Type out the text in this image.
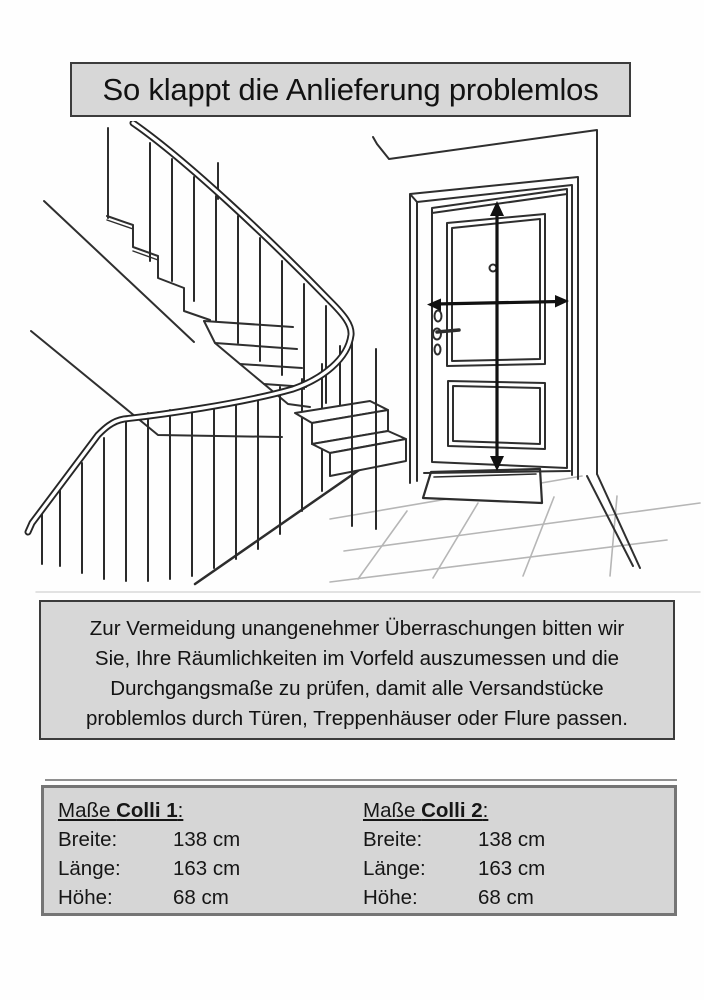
So klappt die Anlieferung problemlos
Zur Vermeidung unangenehmer Überraschungen bitten wir
Sie, Ihre Räumlichkeiten im Vorfeld auszumessen und die
Durchgangsmaße zu prüfen, damit alle Versandstücke
problemlos durch Türen, Treppenhäuser oder Flure passen.
Maße Colli 1:
Breite:	138 cm
Länge:	163 cm
Höhe:	68 cm
Maße Colli 2:
Breite:	138 cm
Länge:	163 cm
Höhe:	68 cm
